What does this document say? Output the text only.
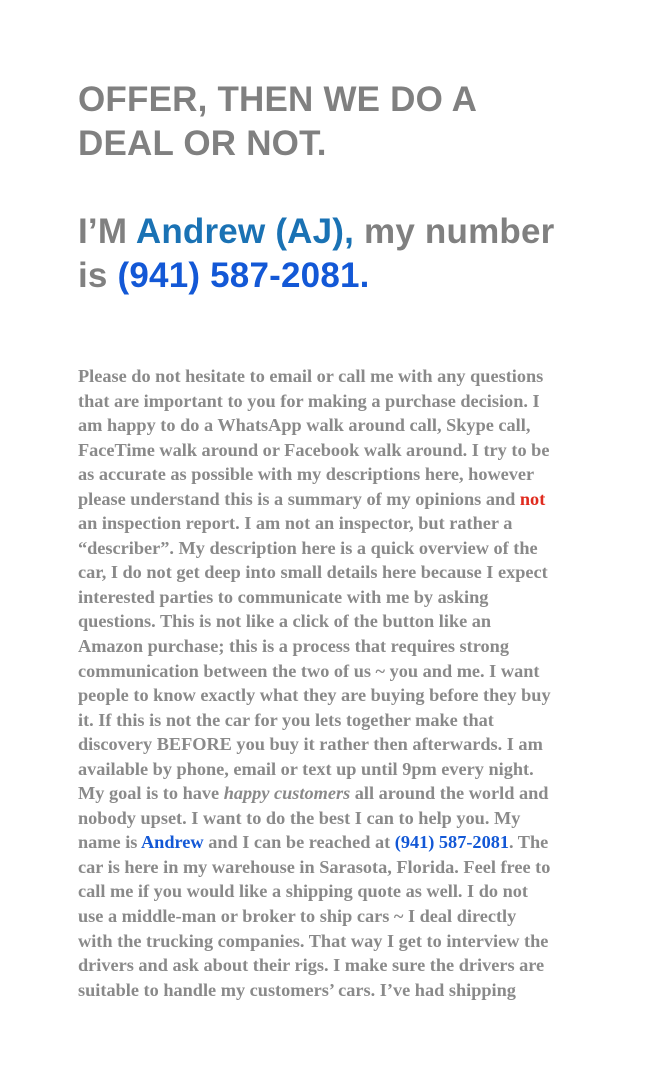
OFFER, THEN WE DO A
DEAL OR NOT.
I’M Andrew (AJ), my number
is (941) 587-2081.
Please do not hesitate to email or call me with any questions
that are important to you for making a purchase decision. I
am happy to do a WhatsApp walk around call, Skype call,
FaceTime walk around or Facebook walk around. I try to be
as accurate as possible with my descriptions here, however
please understand this is a summary of my opinions and not
an inspection report. I am not an inspector, but rather a
“describer”. My description here is a quick overview of the
car, I do not get deep into small details here because I expect
interested parties to communicate with me by asking
questions. This is not like a click of the button like an
Amazon purchase; this is a process that requires strong
communication between the two of us ~ you and me. I want
people to know exactly what they are buying before they buy
it. If this is not the car for you lets together make that
discovery BEFORE you buy it rather then afterwards. I am
available by phone, email or text up until 9pm every night.
My goal is to have happy customers all around the world and
nobody upset. I want to do the best I can to help you. My
name is Andrew and I can be reached at (941) 587-2081. The
car is here in my warehouse in Sarasota, Florida. Feel free to
call me if you would like a shipping quote as well. I do not
use a middle-man or broker to ship cars ~ I deal directly
with the trucking companies. That way I get to interview the
drivers and ask about their rigs. I make sure the drivers are
suitable to handle my customers’ cars. I’ve had shipping
